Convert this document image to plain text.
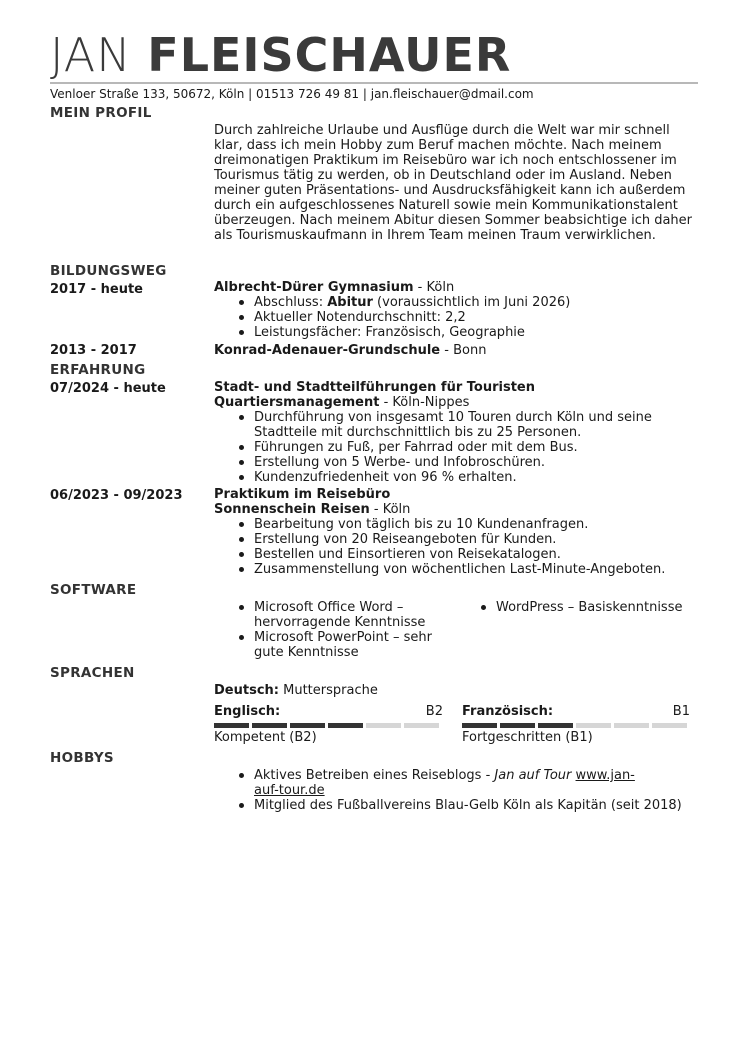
JAN FLEISCHAUER
Venloer Straße 133, 50672, Köln | 01513 726 49 81 | jan.fleischauer@dmail.com
MEIN PROFIL
Durch zahlreiche Urlaube und Ausflüge durch die Welt war mir schnell klar, dass ich mein Hobby zum Beruf machen möchte. Nach meinem dreimonatigen Praktikum im Reisebüro war ich noch entschlossener im Tourismus tätig zu werden, ob in Deutschland oder im Ausland. Neben meiner guten Präsentations- und Ausdrucksfähigkeit kann ich außerdem durch ein aufgeschlossenes Naturell sowie mein Kommunikationstalent überzeugen. Nach meinem Abitur diesen Sommer beabsichtige ich daher als Tourismuskaufmann in Ihrem Team meinen Traum verwirklichen.
BILDUNGSWEG
2017 - heute	Albrecht-Dürer Gymnasium - Köln
Abschluss: Abitur (voraussichtlich im Juni 2026)
Aktueller Notendurchschnitt: 2,2
Leistungsfächer: Französisch, Geographie
2013 - 2017	Konrad-Adenauer-Grundschule - Bonn
ERFAHRUNG
07/2024 - heute	Stadt- und Stadtteilführungen für Touristen
Quartiersmanagement - Köln-Nippes
Durchführung von insgesamt 10 Touren durch Köln und seine
Stadtteile mit durchschnittlich bis zu 25 Personen.
Führungen zu Fuß, per Fahrrad oder mit dem Bus.
Erstellung von 5 Werbe- und Infobroschüren.
Kundenzufriedenheit von 96 % erhalten.
06/2023 - 09/2023 Praktikum im Reisebüro
Sonnenschein Reisen - Köln
Bearbeitung von täglich bis zu 10 Kundenanfragen.
Erstellung von 20 Reiseangeboten für Kunden.
Bestellen und Einsortieren von Reisekatalogen.
Zusammenstellung von wöchentlichen Last-Minute-Angeboten.
SOFTWARE
Microsoft Office Word –
hervorragende Kenntnisse
Microsoft PowerPoint – sehr
gute Kenntnisse
WordPress – Basiskenntnisse
SPRACHEN
Deutsch: Muttersprache
Englisch:	B2
Kompetent (B2)
Französisch:	B1
Fortgeschritten (B1)
HOBBYS
Aktives Betreiben eines Reiseblogs - Jan auf Tour www.jan-
auf-tour.de
Mitglied des Fußballvereins Blau-Gelb Köln als Kapitän (seit 2018)
